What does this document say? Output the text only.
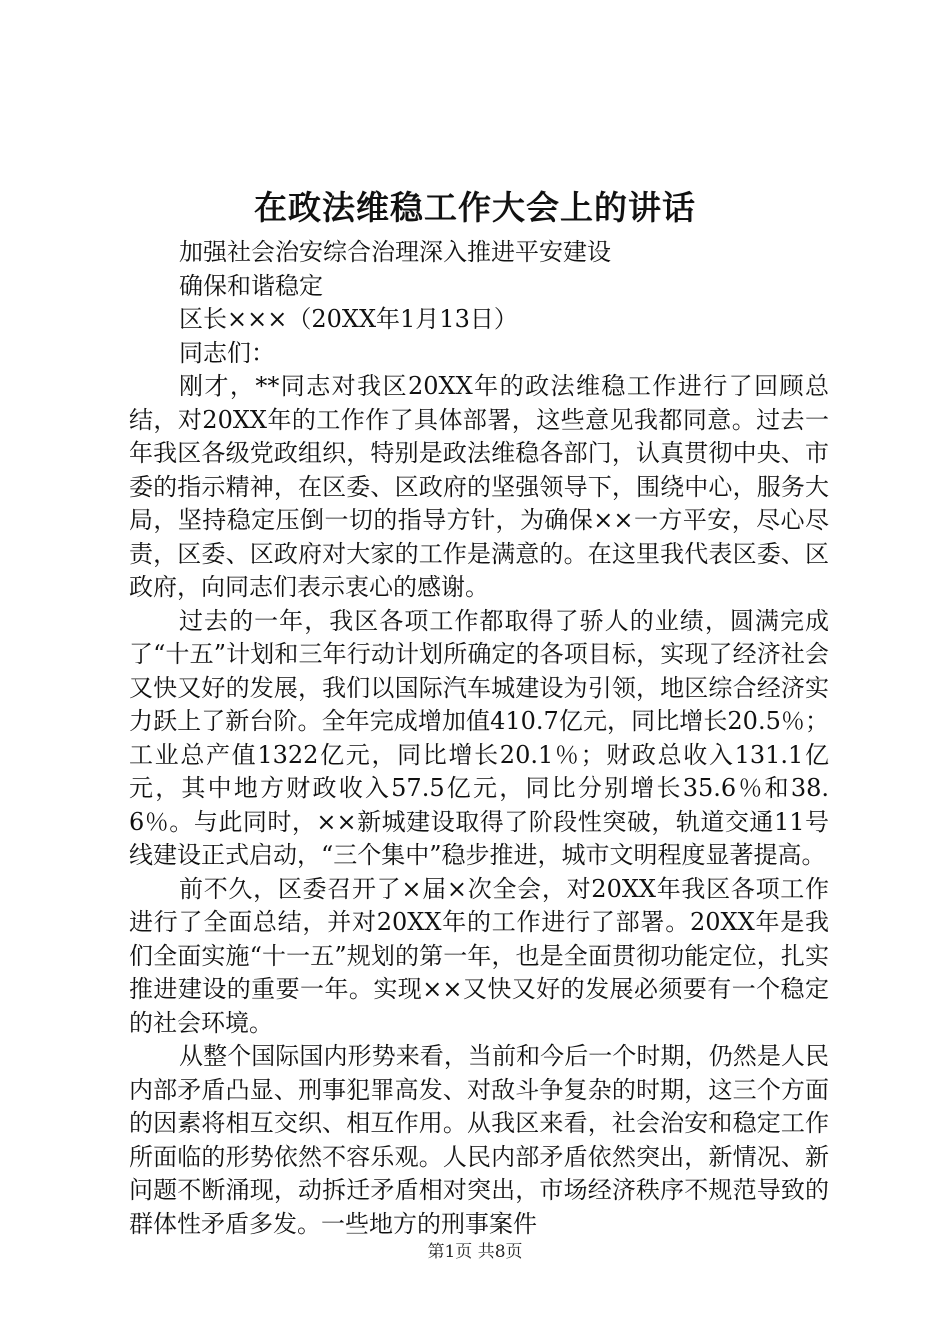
在政法维稳工作大会上的讲话

加强社会治安综合治理深入推进平安建设

确保和谐稳定

区长×××（20XX年1月13日）

同志们：

刚才，**同志对我区20XX年的政法维稳工作进行了回顾总结，对20XX年的工作作了具体部署，这些意见我都同意。过去一年我区各级党政组织，特别是政法维稳各部门，认真贯彻中央、市委的指示精神，在区委、区政府的坚强领导下，围绕中心，服务大局，坚持稳定压倒一切的指导方针，为确保××一方平安，尽心尽责，区委、区政府对大家的工作是满意的。在这里我代表区委、区政府，向同志们表示衷心的感谢。

过去的一年，我区各项工作都取得了骄人的业绩，圆满完成了“十五”计划和三年行动计划所确定的各项目标，实现了经济社会又快又好的发展，我们以国际汽车城建设为引领，地区综合经济实力跃上了新台阶。全年完成增加值410.7亿元，同比增长20.5％；工业总产值1322亿元，同比增长20.1％；财政总收入131.1亿元，其中地方财政收入57.5亿元，同比分别增长35.6％和38.6％。与此同时，××新城建设取得了阶段性突破，轨道交通11号线建设正式启动，“三个集中”稳步推进，城市文明程度显著提高。

前不久，区委召开了×届×次全会，对20XX年我区各项工作进行了全面总结，并对20XX年的工作进行了部署。20XX年是我们全面实施“十一五”规划的第一年，也是全面贯彻功能定位，扎实推进建设的重要一年。实现××又快又好的发展必须要有一个稳定的社会环境。

从整个国际国内形势来看，当前和今后一个时期，仍然是人民内部矛盾凸显、刑事犯罪高发、对敌斗争复杂的时期，这三个方面的因素将相互交织、相互作用。从我区来看，社会治安和稳定工作所面临的形势依然不容乐观。人民内部矛盾依然突出，新情况、新问题不断涌现，动拆迁矛盾相对突出，市场经济秩序不规范导致的群体性矛盾多发。一些地方的刑事案件

第1页 共8页
